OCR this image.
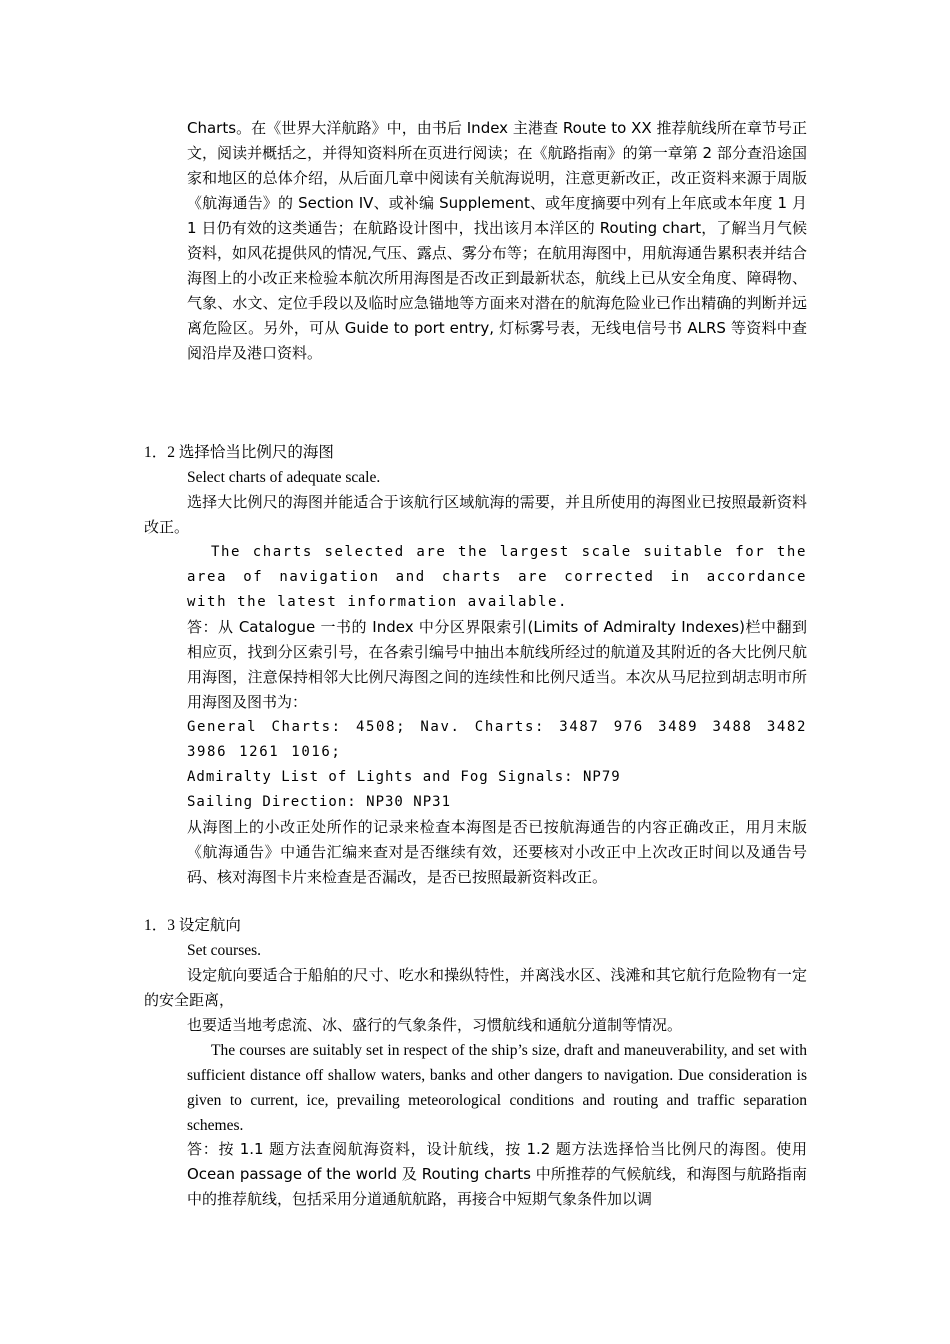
Charts。在《世界大洋航路》中，由书后 Index 主港查 Route to XX 推荐航线所在章节号正文，阅读并概括之，并得知资料所在页进行阅读；在《航路指南》的第一章第 2 部分查沿途国家和地区的总体介绍，从后面几章中阅读有关航海说明，注意更新改正，改正资料来源于周版《航海通告》的 Section IV、或补编 Supplement、或年度摘要中列有上年底或本年度 1 月 1 日仍有效的这类通告；在航路设计图中，找出该月本洋区的 Routing chart，了解当月气候资料，如风花提供风的情况,气压、露点、雾分布等；在航用海图中，用航海通告累积表并结合海图上的小改正来检验本航次所用海图是否改正到最新状态，航线上已从安全角度、障碍物、气象、水文、定位手段以及临时应急锚地等方面来对潜在的航海危险业已作出精确的判断并远离危险区。另外，可从 Guide to port entry, 灯标雾号表，无线电信号书 ALRS 等资料中查阅沿岸及港口资料。

1．2 选择恰当比例尺的海图

Select charts of adequate scale.

选择大比例尺的海图并能适合于该航行区域航海的需要，并且所使用的海图业已按照最新资料改正。

The charts selected are the largest scale suitable for the area of navigation and charts are corrected in accordance with the latest information available.

答：从 Catalogue 一书的 Index 中分区界限索引(Limits of Admiralty Indexes)栏中翻到相应页，找到分区索引号，在各索引编号中抽出本航线所经过的航道及其附近的各大比例尺航用海图，注意保持相邻大比例尺海图之间的连续性和比例尺适当。本次从马尼拉到胡志明市所用海图及图书为：

General Charts: 4508; Nav. Charts: 3487 976 3489 3488 3482 3986 1261 1016;

Admiralty List of Lights and Fog Signals: NP79

Sailing Direction: NP30 NP31

从海图上的小改正处所作的记录来检查本海图是否已按航海通告的内容正确改正，用月末版《航海通告》中通告汇编来查对是否继续有效，还要核对小改正中上次改正时间以及通告号码、核对海图卡片来检查是否漏改，是否已按照最新资料改正。

1．3 设定航向

Set courses.

设定航向要适合于船舶的尺寸、吃水和操纵特性，并离浅水区、浅滩和其它航行危险物有一定的安全距离，

也要适当地考虑流、冰、盛行的气象条件，习惯航线和通航分道制等情况。

The courses are suitably set in respect of the ship’s size, draft and maneuverability, and set with sufficient distance off shallow waters, banks and other dangers to navigation. Due consideration is given to current, ice, prevailing meteorological conditions and routing and traffic separation schemes.

答：按 1.1 题方法查阅航海资料，设计航线，按 1.2 题方法选择恰当比例尺的海图。使用 Ocean passage of the world 及 Routing charts 中所推荐的气候航线，和海图与航路指南中的推荐航线，包括采用分道通航航路，再接合中短期气象条件加以调
